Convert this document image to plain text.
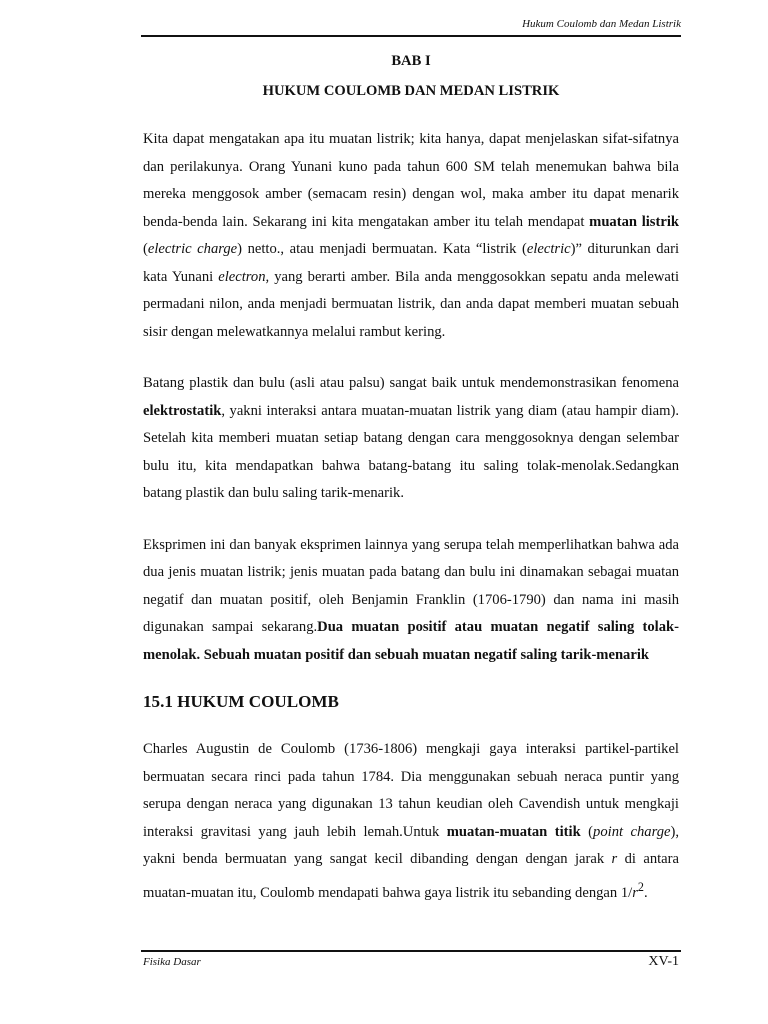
Hukum Coulomb dan Medan Listrik
BAB I
HUKUM COULOMB DAN MEDAN LISTRIK

Kita dapat mengatakan apa itu muatan listrik; kita hanya, dapat menjelaskan sifat-sifatnya dan perilakunya. Orang Yunani kuno pada tahun 600 SM telah menemukan bahwa bila mereka menggosok amber (semacam resin) dengan wol, maka amber itu dapat menarik benda-benda lain. Sekarang ini kita mengatakan amber itu telah mendapat muatan listrik (electric charge) netto., atau menjadi bermuatan. Kata “listrik (electric)” diturunkan dari kata Yunani electron, yang berarti amber. Bila anda menggosokkan sepatu anda melewati permadani nilon, anda menjadi bermuatan listrik, dan anda dapat memberi muatan sebuah sisir dengan melewatkannya melalui rambut kering.

Batang plastik dan bulu (asli atau palsu) sangat baik untuk mendemonstrasikan fenomena elektrostatik, yakni interaksi antara muatan-muatan listrik yang diam (atau hampir diam). Setelah kita memberi muatan setiap batang dengan cara menggosoknya dengan selembar bulu itu, kita mendapatkan bahwa batang-batang itu saling tolak-menolak.Sedangkan batang plastik dan bulu saling tarik-menarik.

Eksprimen ini dan banyak eksprimen lainnya yang serupa telah memperlihatkan bahwa ada dua jenis muatan listrik; jenis muatan pada batang dan bulu ini dinamakan sebagai muatan negatif dan muatan positif, oleh Benjamin Franklin (1706-1790) dan nama ini masih digunakan sampai sekarang.Dua muatan positif atau muatan negatif saling tolak-menolak. Sebuah muatan positif dan sebuah muatan negatif saling tarik-menarik

15.1 HUKUM COULOMB

Charles Augustin de Coulomb (1736-1806) mengkaji gaya interaksi partikel-partikel bermuatan secara rinci pada tahun 1784. Dia menggunakan sebuah neraca puntir yang serupa dengan neraca yang digunakan 13 tahun keudian oleh Cavendish untuk mengkaji interaksi gravitasi yang jauh lebih lemah.Untuk muatan-muatan titik (point charge), yakni benda bermuatan yang sangat kecil dibanding dengan dengan jarak r di antara muatan-muatan itu, Coulomb mendapati bahwa gaya listrik itu sebanding dengan $1/r^2$.

Fisika Dasar	XV-1
